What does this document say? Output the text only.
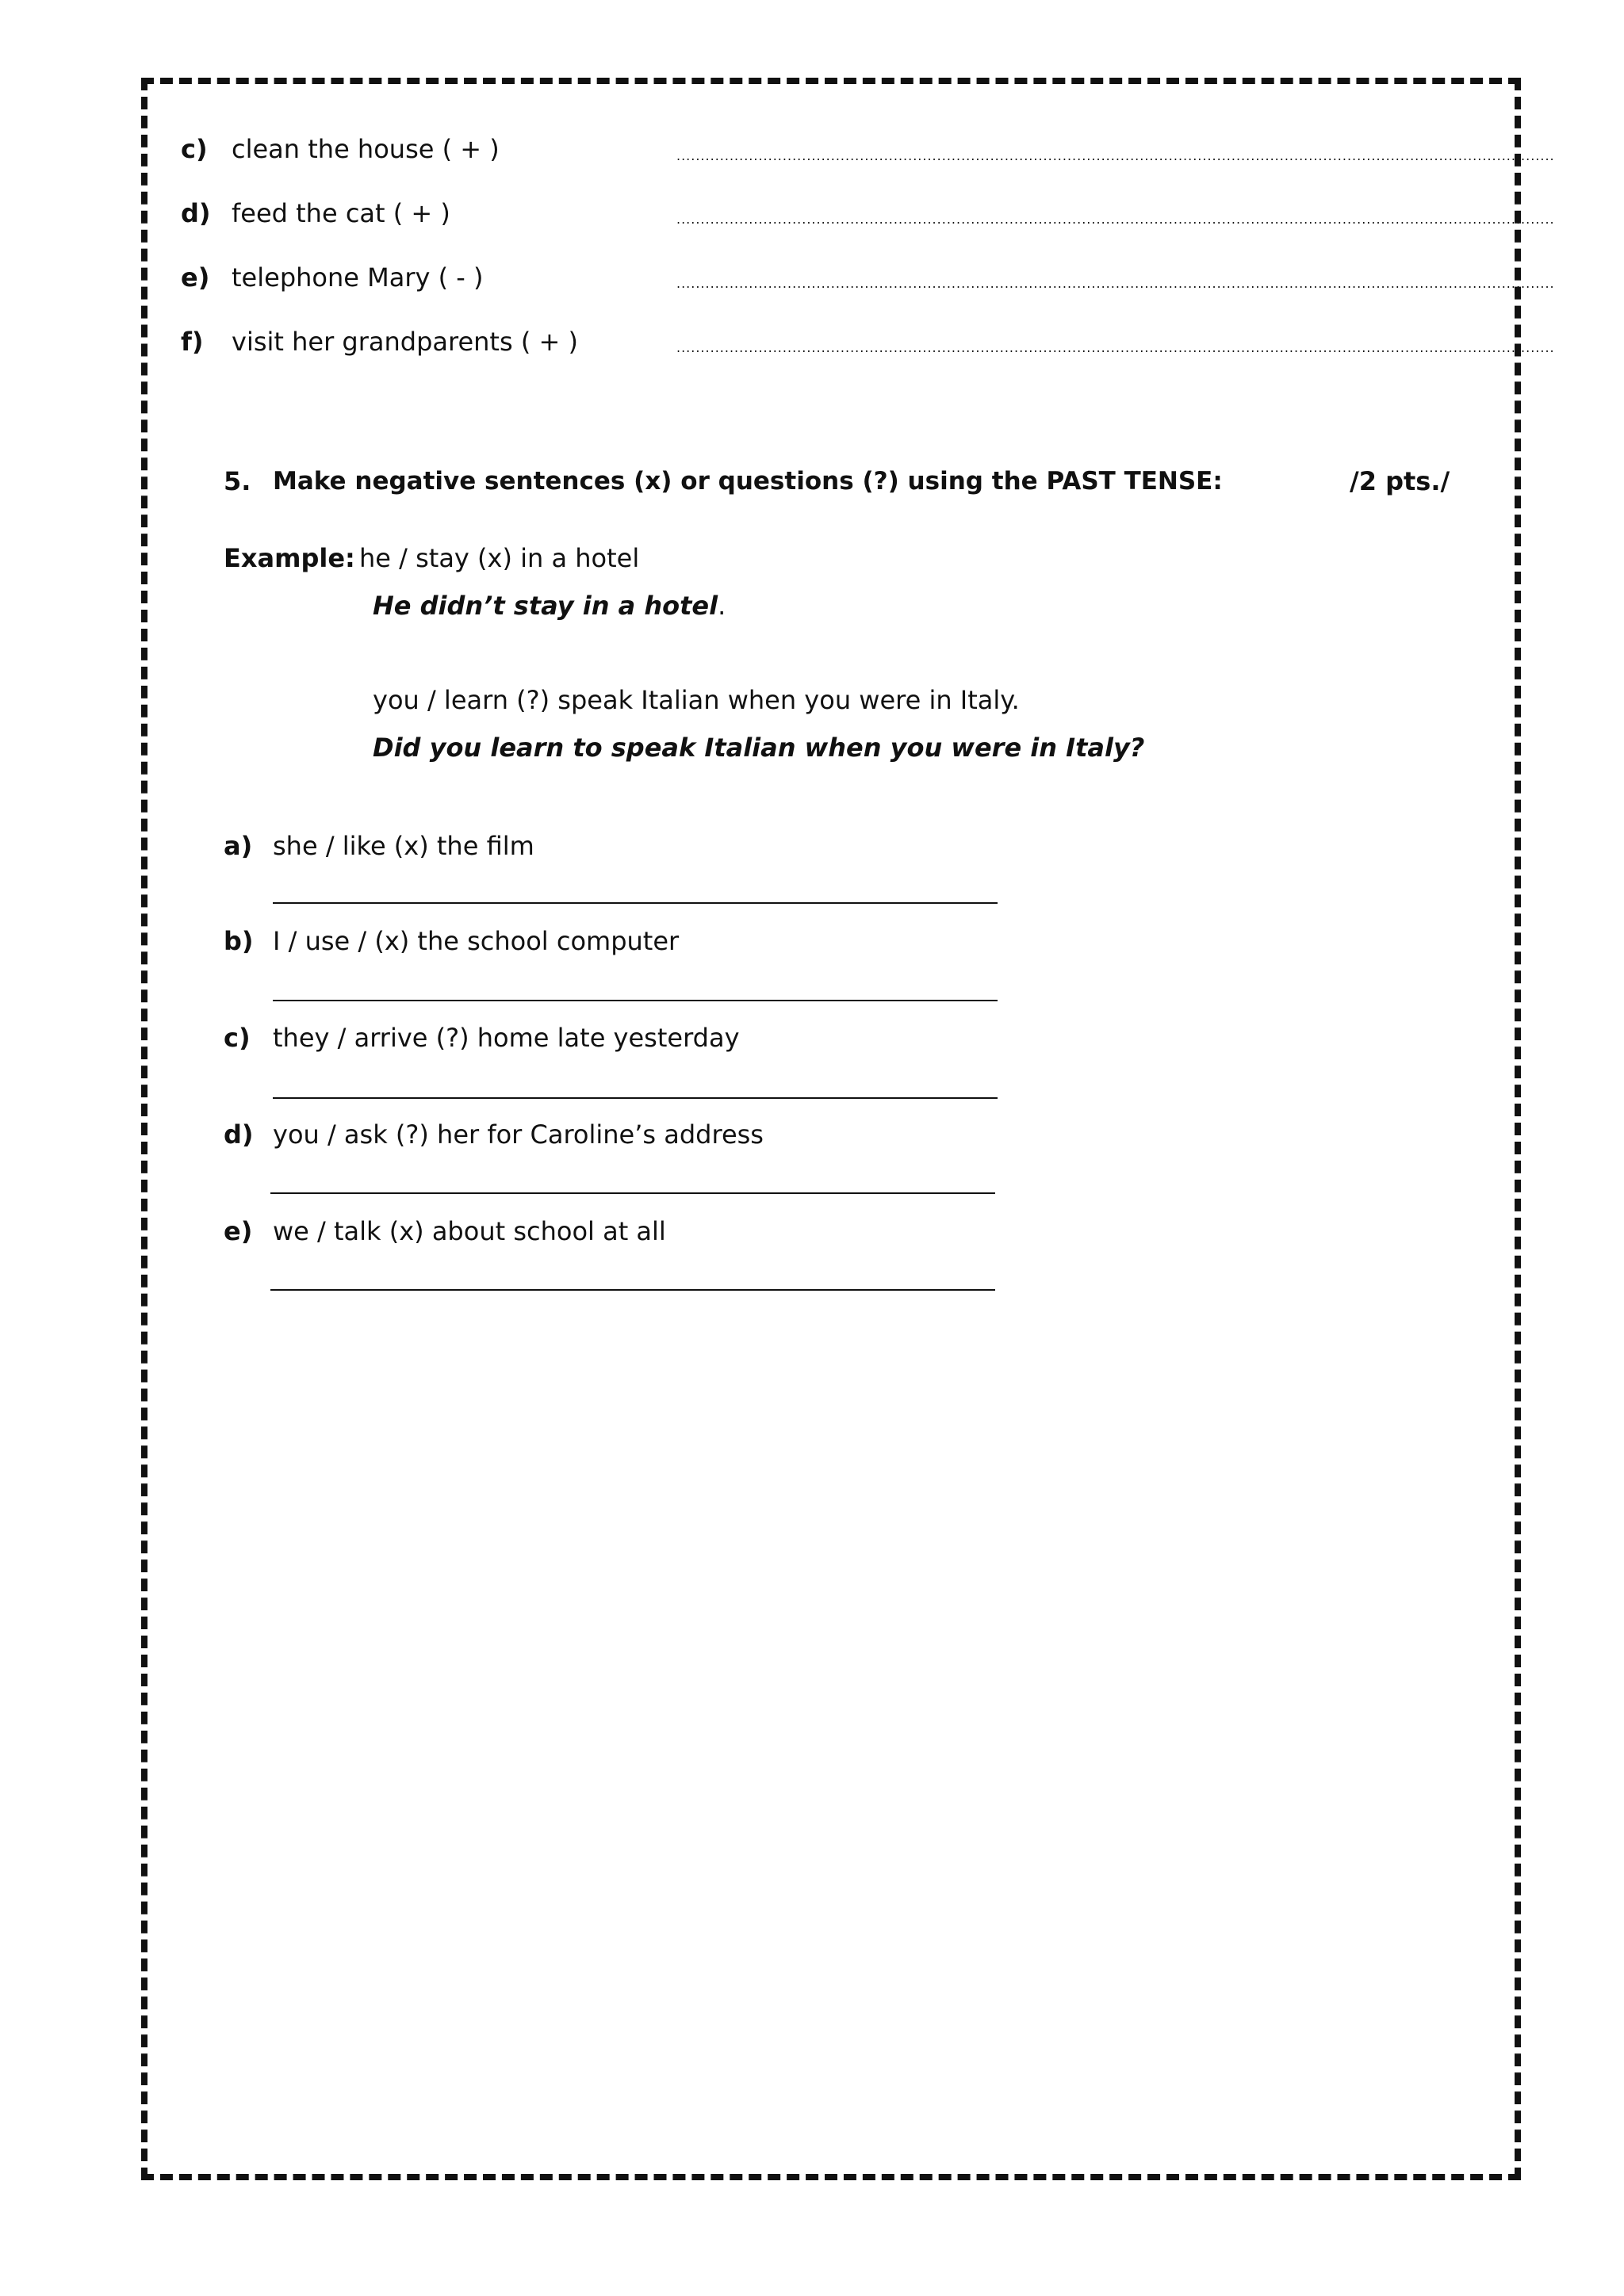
c) clean the house ( + )	......................................................................................................................................................................................
d) feed the cat ( + )	......................................................................................................................................................................................
e) telephone Mary ( - )	......................................................................................................................................................................................
f) visit her grandparents ( + )	......................................................................................................................................................................................
5. Make negative sentences (x) or questions (?) using the PAST TENSE:	/2 pts./
Example: he / stay (x) in a hotel
He didn’t stay in a hotel.
you / learn (?) speak Italian when you were in Italy.
Did you learn to speak Italian when you were in Italy?
a) she / like (x) the film
b) I / use / (x) the school computer
c) they / arrive (?) home late yesterday
d) you / ask (?) her for Caroline’s address
e) we / talk (x) about school at all
